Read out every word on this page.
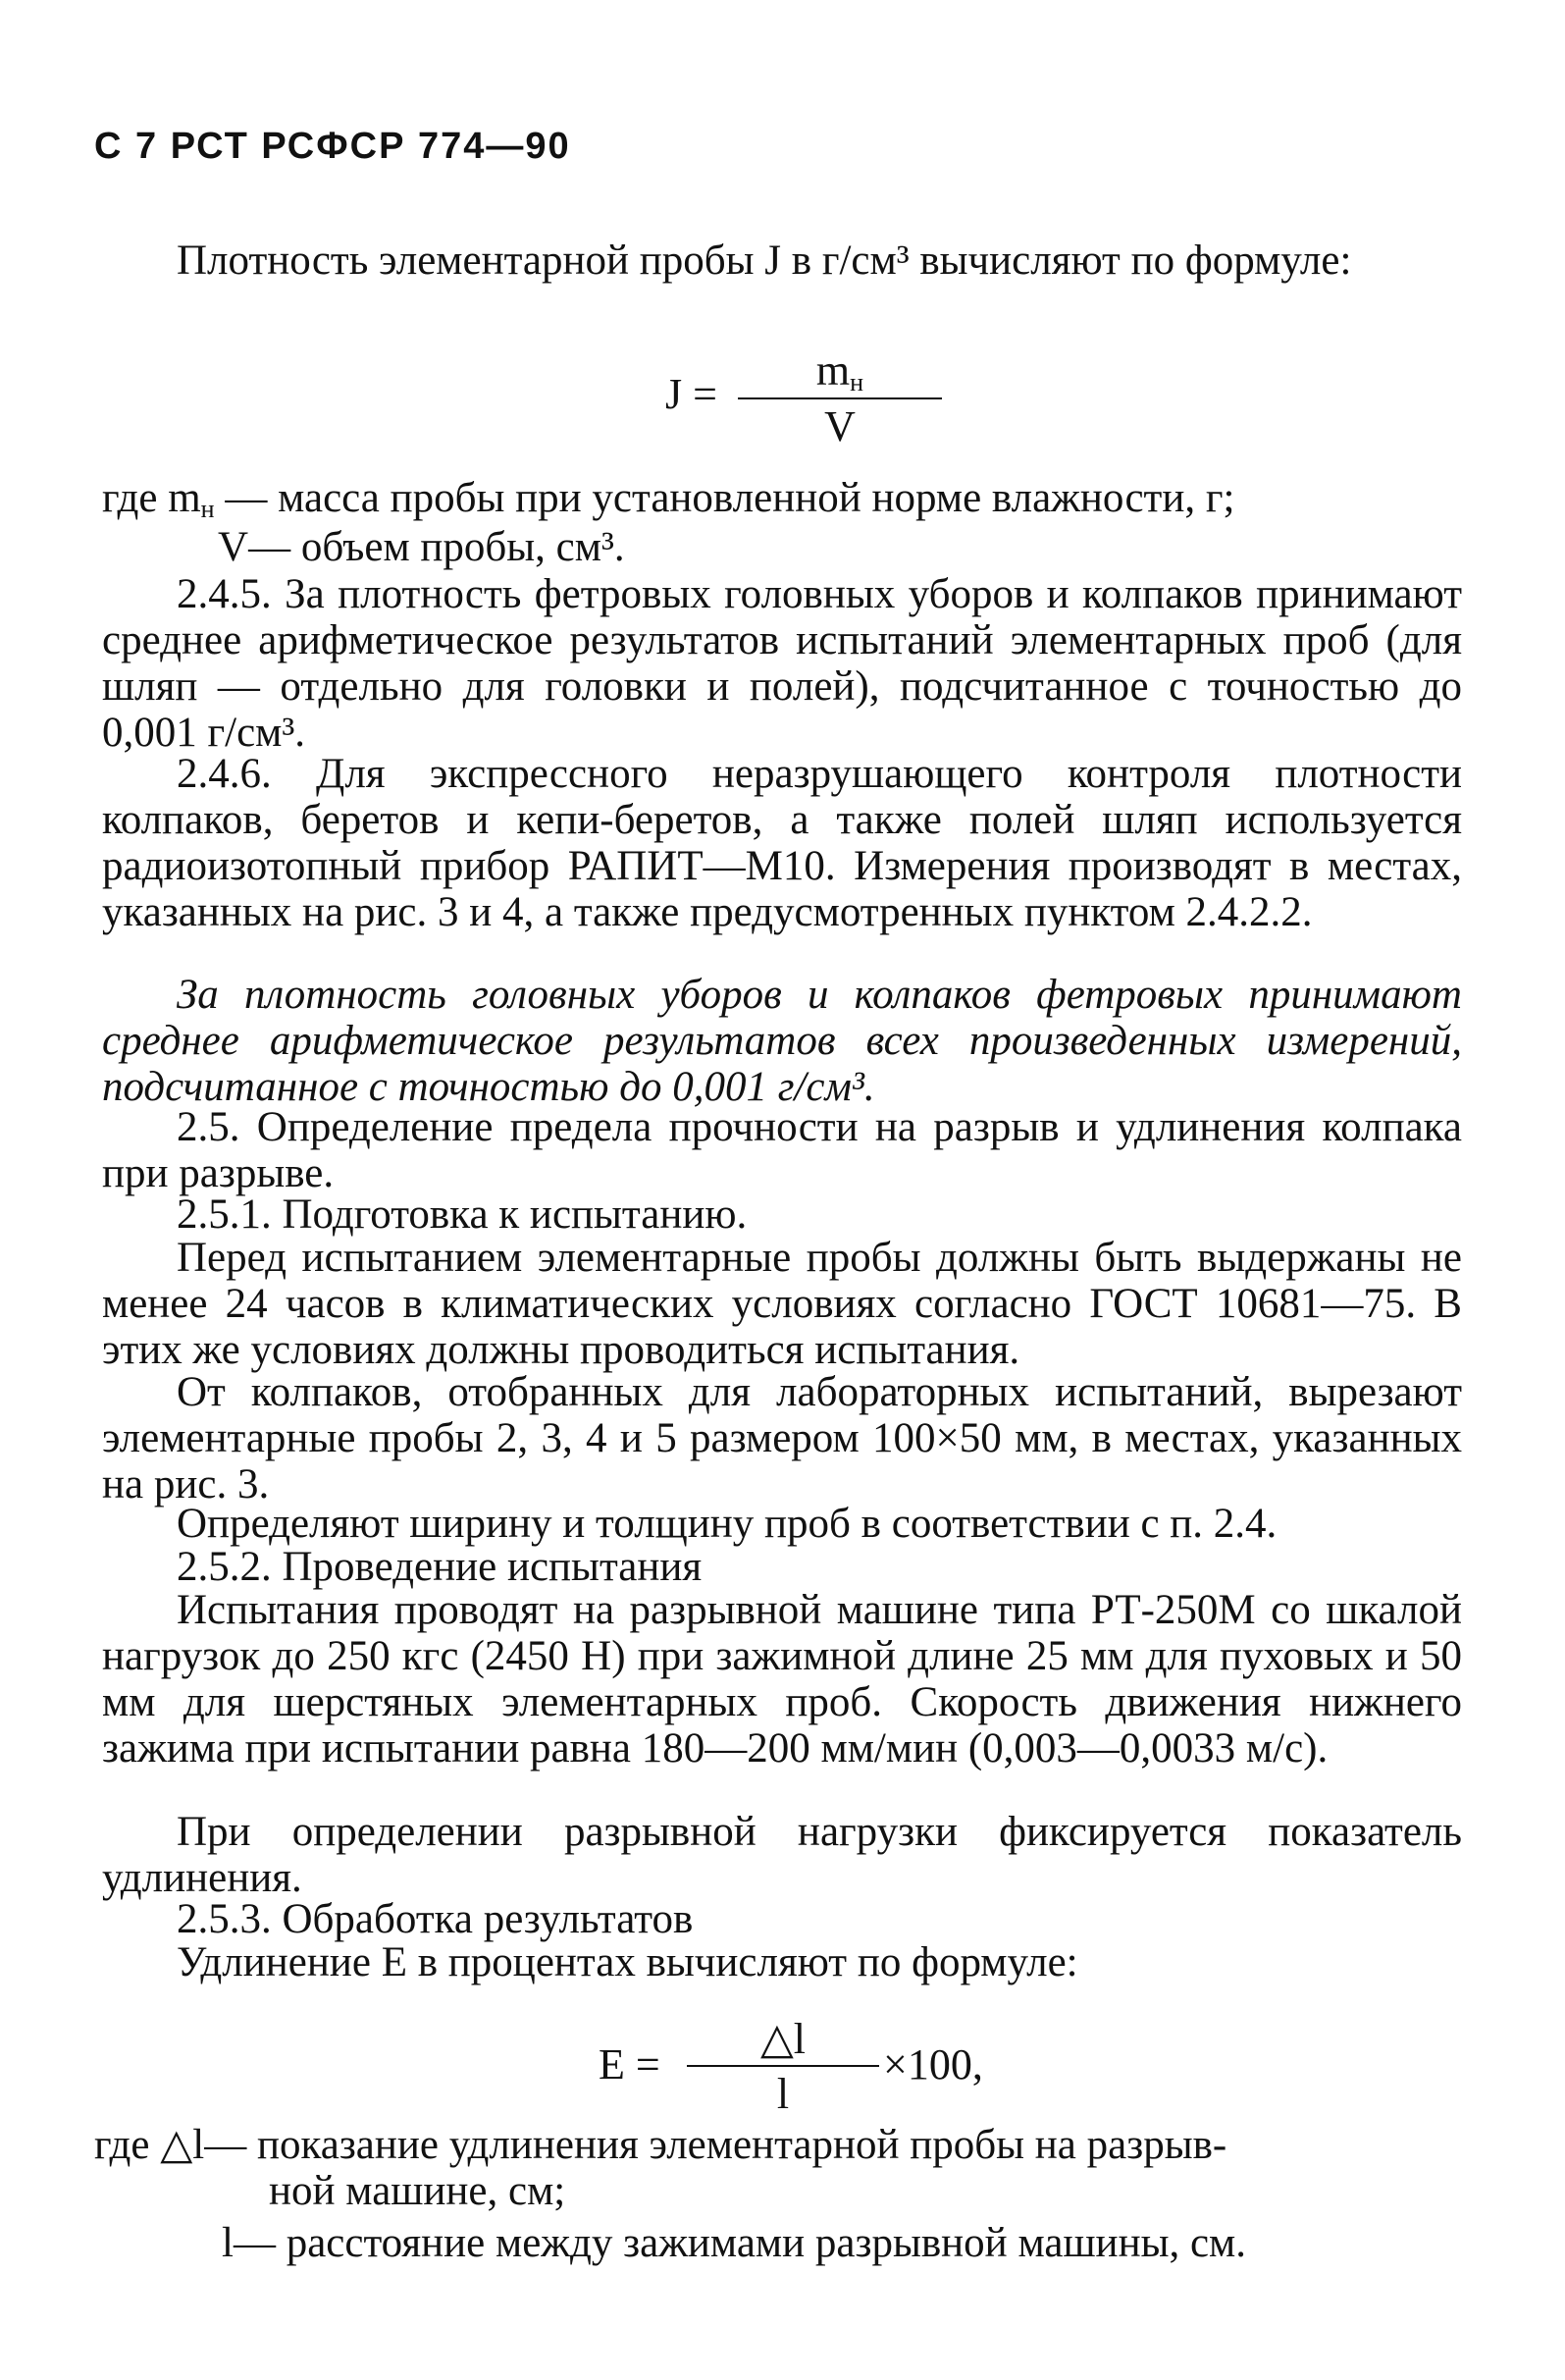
С 7 РСТ РСФСР 774—90
Плотность элементарной пробы J в г/см³ вычисляют по формуле:
$J = m_н$
V
где $m_н$ — масса пробы при установленной норме влажности, г;
V— объем пробы, см³.
2.4.5. За плотность фетровых головных уборов и колпаков принимают среднее арифметическое результатов испытаний элементарных проб (для шляп — отдельно для головки и полей), подсчитанное с точностью до 0,001 г/см³.
2.4.6. Для экспрессного неразрушающего контроля плотности колпаков, беретов и кепи-беретов, а также полей шляп используется радиоизотопный прибор РАПИТ—М10. Измерения производят в местах, указанных на рис. 3 и 4, а также предусмотренных пунктом 2.4.2.2.
За плотность головных уборов и колпаков фетровых принимают среднее арифметическое результатов всех произведенных измерений, подсчитанное с точностью до 0,001 г/см³.
2.5. Определение предела прочности на разрыв и удлинения колпака при разрыве.
2.5.1. Подготовка к испытанию.
Перед испытанием элементарные пробы должны быть выдержаны не менее 24 часов в климатических условиях согласно ГОСТ 10681—75. В этих же условиях должны проводиться испытания.
От колпаков, отобранных для лабораторных испытаний, вырезают элементарные пробы 2, 3, 4 и 5 размером 100×50 мм, в местах, указанных на рис. 3.
Определяют ширину и толщину проб в соответствии с п. 2.4.
2.5.2. Проведение испытания
Испытания проводят на разрывной машине типа РТ-250М со шкалой нагрузок до 250 кгс (2450 Н) при зажимной длине 25 мм для пуховых и 50 мм для шерстяных элементарных проб. Скорость движения нижнего зажима при испытании равна 180—200 мм/мин (0,003—0,0033 м/с).
При определении разрывной нагрузки фиксируется показатель удлинения.
2.5.3. Обработка результатов
Удлинение Е в процентах вычисляют по формуле:
E =
△l
l
×100,
где △l— показание удлинения элементарной пробы на разрыв-
ной машине, см;
l— расстояние между зажимами разрывной машины, см.
